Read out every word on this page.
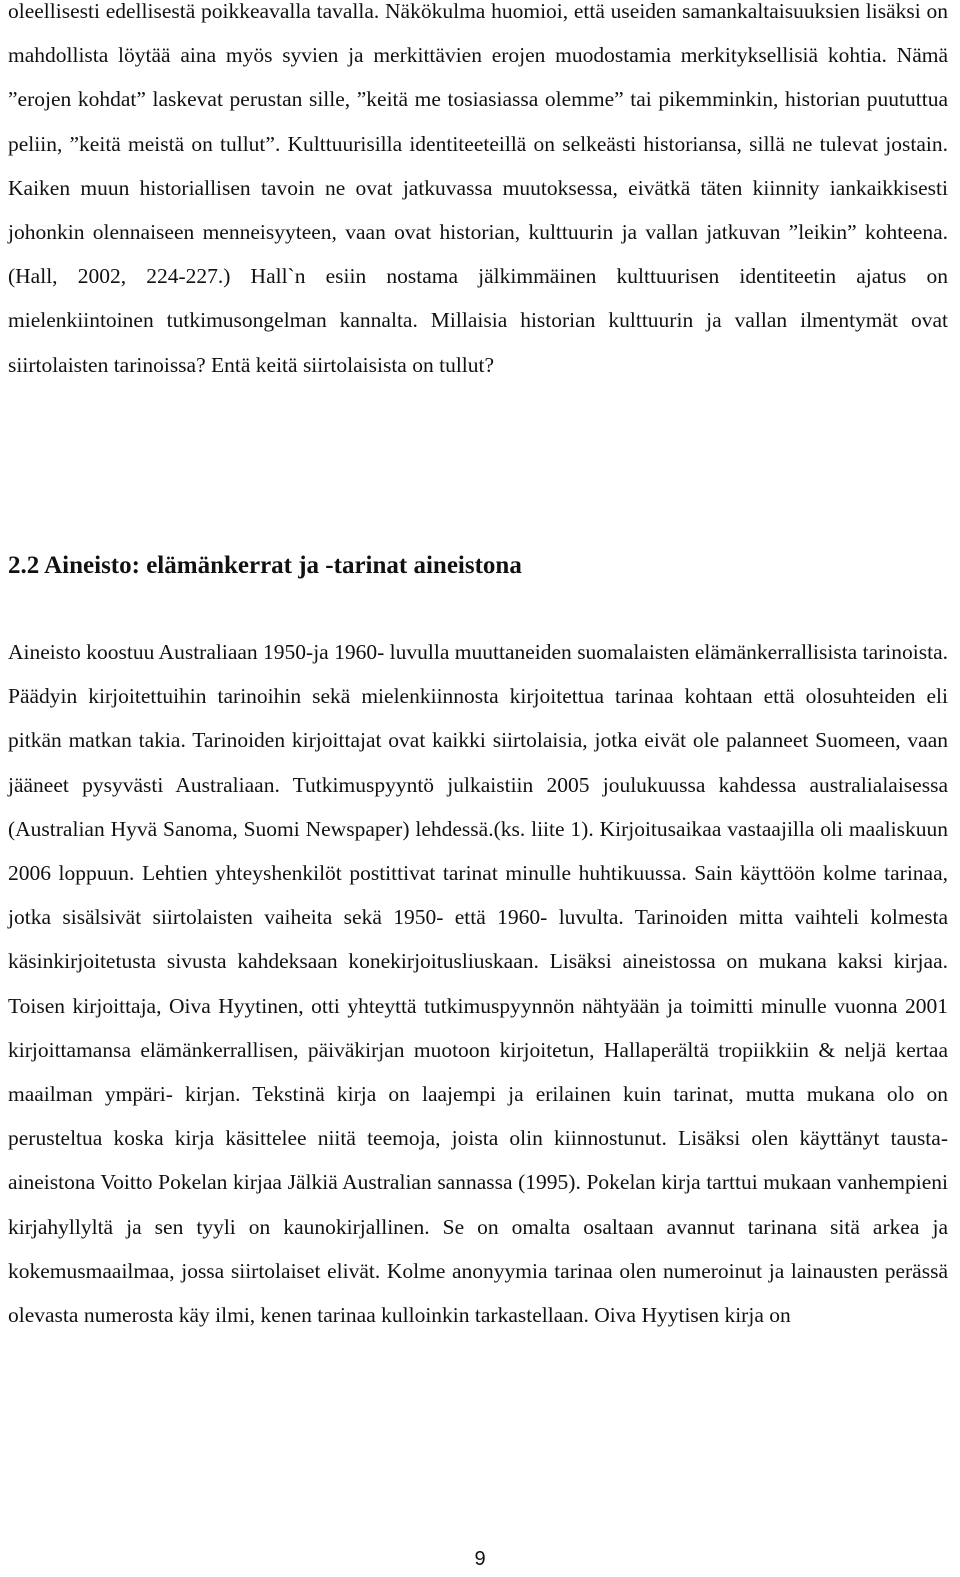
oleellisesti edellisestä poikkeavalla tavalla. Näkökulma huomioi, että useiden samankaltaisuuksien lisäksi on mahdollista löytää aina myös syvien ja merkittävien erojen muodostamia merkityksellisiä kohtia. Nämä ”erojen kohdat” laskevat perustan sille, ”keitä me tosiasiassa olemme” tai pikemminkin, historian puututtua peliin, ”keitä meistä on tullut”. Kulttuurisilla identiteeteillä on selkeästi historiansa, sillä ne tulevat jostain. Kaiken muun historiallisen tavoin ne ovat jatkuvassa muutoksessa, eivätkä täten kiinnity iankaikkisesti johonkin olennaiseen menneisyyteen, vaan ovat historian, kulttuurin ja vallan jatkuvan ”leikin” kohteena. (Hall, 2002, 224-227.) Hall`n esiin nostama jälkimmäinen kulttuurisen identiteetin ajatus on mielenkiintoinen tutkimusongelman kannalta. Millaisia historian kulttuurin ja vallan ilmentymät ovat siirtolaisten tarinoissa? Entä keitä siirtolaisista on tullut?

2.2 Aineisto: elämänkerrat ja -tarinat aineistona

Aineisto koostuu Australiaan 1950-ja 1960- luvulla muuttaneiden suomalaisten elämänkerrallisista tarinoista. Päädyin kirjoitettuihin tarinoihin sekä mielenkiinnosta kirjoitettua tarinaa kohtaan että olosuhteiden eli pitkän matkan takia. Tarinoiden kirjoittajat ovat kaikki siirtolaisia, jotka eivät ole palanneet Suomeen, vaan jääneet pysyvästi Australiaan. Tutkimuspyyntö julkaistiin 2005 joulukuussa kahdessa australialaisessa (Australian Hyvä Sanoma, Suomi Newspaper) lehdessä.(ks. liite 1). Kirjoitusaikaa vastaajilla oli maaliskuun 2006 loppuun. Lehtien yhteyshenkilöt postittivat tarinat minulle huhtikuussa. Sain käyttöön kolme tarinaa, jotka sisälsivät siirtolaisten vaiheita sekä 1950- että 1960- luvulta. Tarinoiden mitta vaihteli kolmesta käsinkirjoitetusta sivusta kahdeksaan konekirjoitusliuskaan. Lisäksi aineistossa on mukana kaksi kirjaa. Toisen kirjoittaja, Oiva Hyytinen, otti yhteyttä tutkimuspyynnön nähtyään ja toimitti minulle vuonna 2001 kirjoittamansa elämänkerrallisen, päiväkirjan muotoon kirjoitetun, Hallaperältä tropiikkiin & neljä kertaa maailman ympäri- kirjan. Tekstinä kirja on laajempi ja erilainen kuin tarinat, mutta mukana olo on perusteltua koska kirja käsittelee niitä teemoja, joista olin kiinnostunut. Lisäksi olen käyttänyt tausta-aineistona Voitto Pokelan kirjaa Jälkiä Australian sannassa (1995). Pokelan kirja tarttui mukaan vanhempieni kirjahyllyltä ja sen tyyli on kaunokirjallinen. Se on omalta osaltaan avannut tarinana sitä arkea ja kokemusmaailmaa, jossa siirtolaiset elivät. Kolme anonyymia tarinaa olen numeroinut ja lainausten perässä olevasta numerosta käy ilmi, kenen tarinaa kulloinkin tarkastellaan. Oiva Hyytisen kirja on

9
